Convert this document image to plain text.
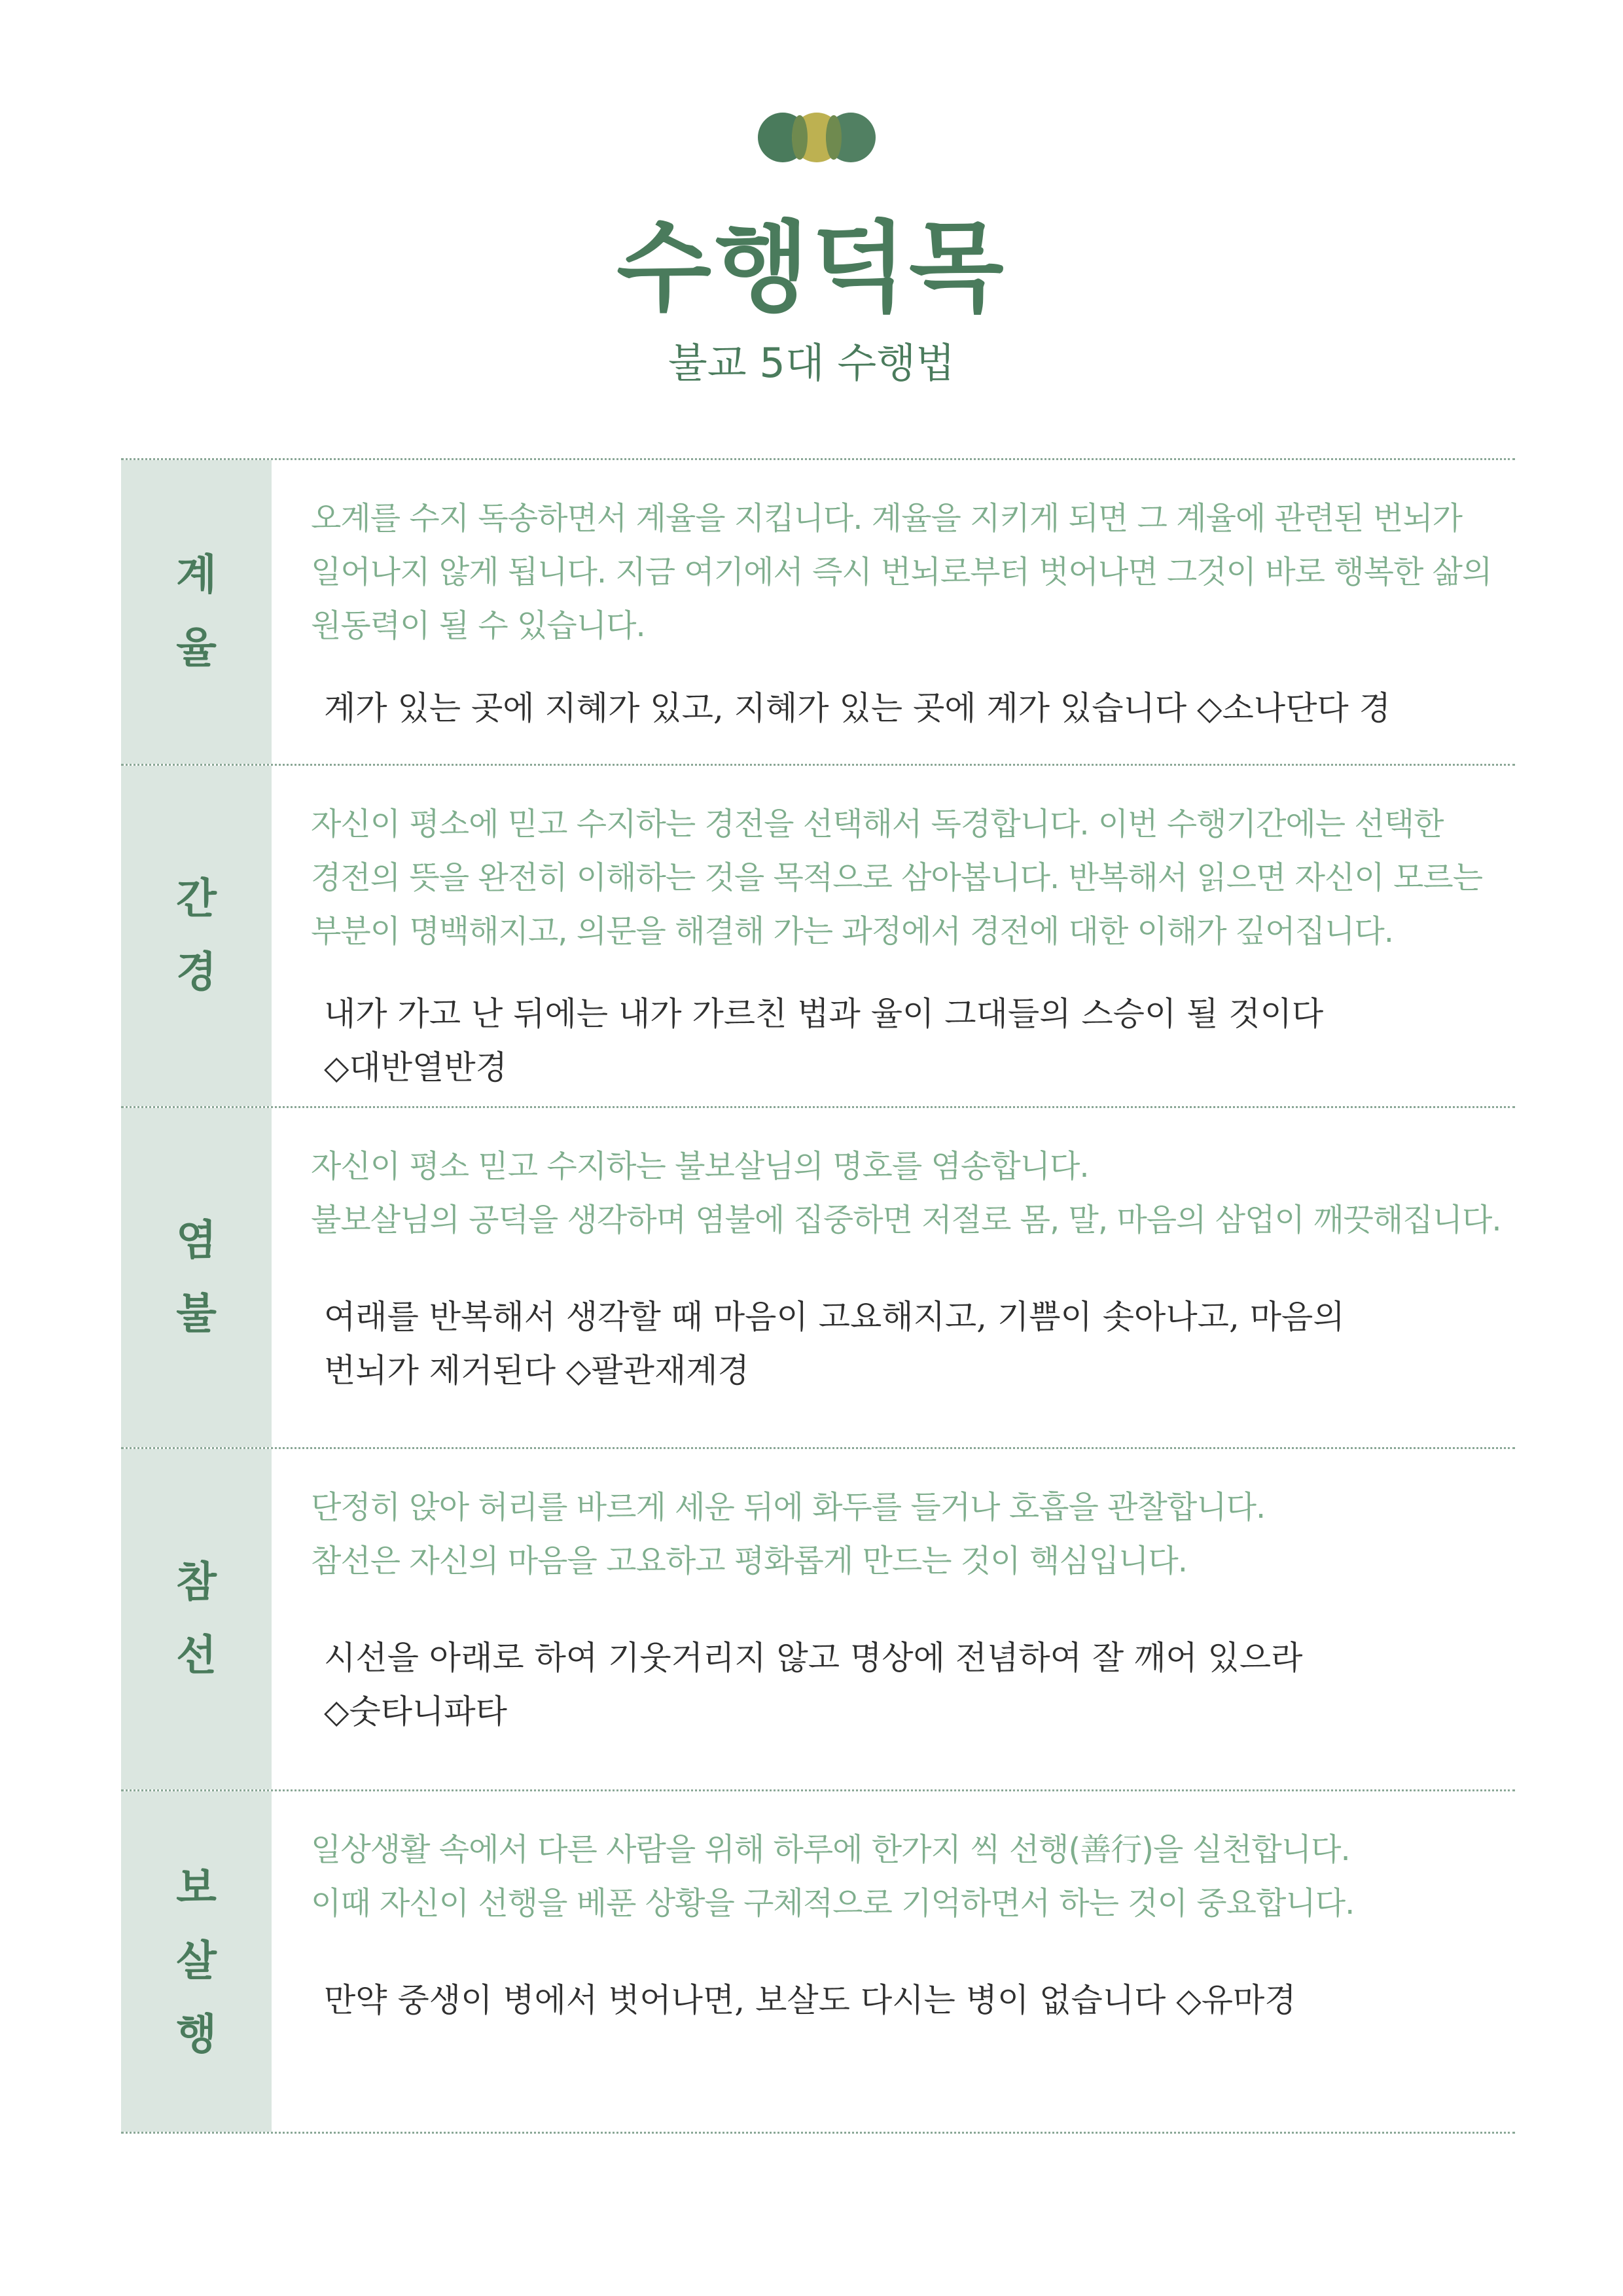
수행덕목
불교 5대 수행법
계
율
오계를 수지 독송하면서 계율을 지킵니다. 계율을 지키게 되면 그 계율에 관련된 번뇌가
일어나지 않게 됩니다. 지금 여기에서 즉시 번뇌로부터 벗어나면 그것이 바로 행복한 삶의
원동력이 될 수 있습니다.
계가 있는 곳에 지혜가 있고, 지혜가 있는 곳에 계가 있습니다 ◇소나단다 경
간
경
자신이 평소에 믿고 수지하는 경전을 선택해서 독경합니다. 이번 수행기간에는 선택한
경전의 뜻을 완전히 이해하는 것을 목적으로 삼아봅니다. 반복해서 읽으면 자신이 모르는
부분이 명백해지고, 의문을 해결해 가는 과정에서 경전에 대한 이해가 깊어집니다.
내가 가고 난 뒤에는 내가 가르친 법과 율이 그대들의 스승이 될 것이다
◇대반열반경
염
불
자신이 평소 믿고 수지하는 불보살님의 명호를 염송합니다.
불보살님의 공덕을 생각하며 염불에 집중하면 저절로 몸, 말, 마음의 삼업이 깨끗해집니다.
여래를 반복해서 생각할 때 마음이 고요해지고, 기쁨이 솟아나고, 마음의
번뇌가 제거된다 ◇팔관재계경
참
선
단정히 앉아 허리를 바르게 세운 뒤에 화두를 들거나 호흡을 관찰합니다.
참선은 자신의 마음을 고요하고 평화롭게 만드는 것이 핵심입니다.
시선을 아래로 하여 기웃거리지 않고 명상에 전념하여 잘 깨어 있으라
◇숫타니파타
보
살
행
일상생활 속에서 다른 사람을 위해 하루에 한가지 씩 선행(善行)을 실천합니다.
이때 자신이 선행을 베푼 상황을 구체적으로 기억하면서 하는 것이 중요합니다.
만약 중생이 병에서 벗어나면, 보살도 다시는 병이 없습니다 ◇유마경
